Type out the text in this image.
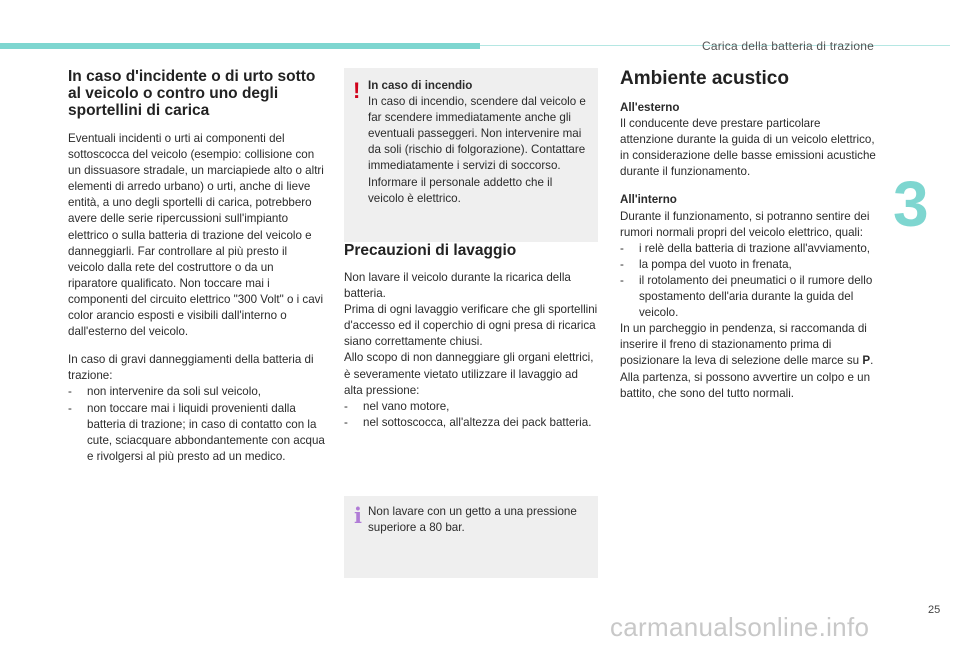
Carica della batteria di trazione
3
25
carmanualsonline.info
In caso d'incidente o di urto sotto al veicolo o contro uno degli sportellini di carica

Eventuali incidenti o urti ai componenti del sottoscocca del veicolo (esempio: collisione con un dissuasore stradale, un marciapiede alto o altri elementi di arredo urbano) o urti, anche di lieve entità, a uno degli sportelli di carica, potrebbero avere delle serie ripercussioni sull'impianto elettrico o sulla batteria di trazione del veicolo e danneggiarli. Far controllare al più presto il veicolo dalla rete del costruttore o da un riparatore qualificato. Non toccare mai i componenti del circuito elettrico "300 Volt" o i cavi color arancio esposti e visibili dall'interno o dall'esterno del veicolo.

In caso di gravi danneggiamenti della batteria di trazione:

- non intervenire da soli sul veicolo,
- non toccare mai i liquidi provenienti dalla batteria di trazione; in caso di contatto con la cute, sciacquare abbondantemente con acqua e rivolgersi al più presto ad un medico.
! In caso di incendio

In caso di incendio, scendere dal veicolo e far scendere immediatamente anche gli eventuali passeggeri. Non intervenire mai da soli (rischio di folgorazione). Contattare immediatamente i servizi di soccorso. Informare il personale addetto che il veicolo è elettrico.

Precauzioni di lavaggio

Non lavare il veicolo durante la ricarica della batteria.

Prima di ogni lavaggio verificare che gli sportellini d'accesso ed il coperchio di ogni presa di ricarica siano correttamente chiusi.

Allo scopo di non danneggiare gli organi elettrici, è severamente vietato utilizzare il lavaggio ad alta pressione:

- nel vano motore,
- nel sottoscocca, all'altezza dei pack batteria.
i Non lavare con un getto a una pressione superiore a 80 bar.

Ambiente acustico
All'esterno

Il conducente deve prestare particolare attenzione durante la guida di un veicolo elettrico, in considerazione delle basse emissioni acustiche durante il funzionamento.

All'interno

Durante il funzionamento, si potranno sentire dei rumori normali propri del veicolo elettrico, quali:

- i relè della batteria di trazione all'avviamento,
- la pompa del vuoto in frenata,
- il rotolamento dei pneumatici o il rumore dello spostamento dell'aria durante la guida del veicolo.

In un parcheggio in pendenza, si raccomanda di inserire il freno di stazionamento prima di posizionare la leva di selezione delle marce su P. Alla partenza, si possono avvertire un colpo e un battito, che sono del tutto normali.
